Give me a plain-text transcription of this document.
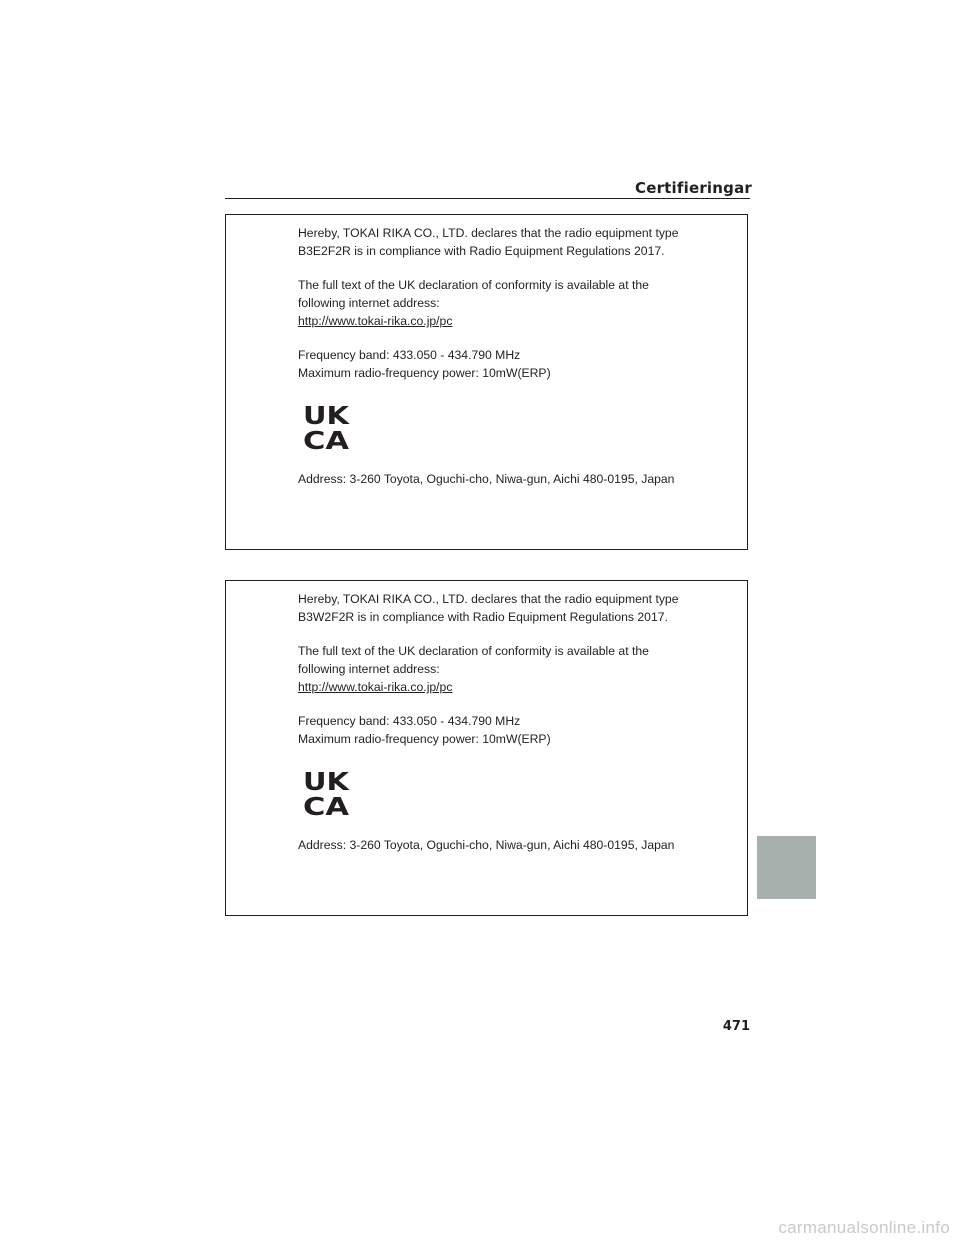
Certifieringar

Hereby, TOKAI RIKA CO., LTD. declares that the radio equipment type

B3E2F2R is in compliance with Radio Equipment Regulations 2017.

The full text of the UK declaration of conformity is available at the

following internet address:

http://www.tokai-rika.co.jp/pc

Frequency band: 433.050 - 434.790 MHz

Maximum radio-frequency power: 10mW(ERP)

UK
CA

Address: 3-260 Toyota, Oguchi-cho, Niwa-gun, Aichi 480-0195, Japan

Hereby, TOKAI RIKA CO., LTD. declares that the radio equipment type

B3W2F2R is in compliance with Radio Equipment Regulations 2017.

The full text of the UK declaration of conformity is available at the

following internet address:

http://www.tokai-rika.co.jp/pc

Frequency band: 433.050 - 434.790 MHz

Maximum radio-frequency power: 10mW(ERP)

UK
CA

Address: 3-260 Toyota, Oguchi-cho, Niwa-gun, Aichi 480-0195, Japan

471
carmanualsonline.info
